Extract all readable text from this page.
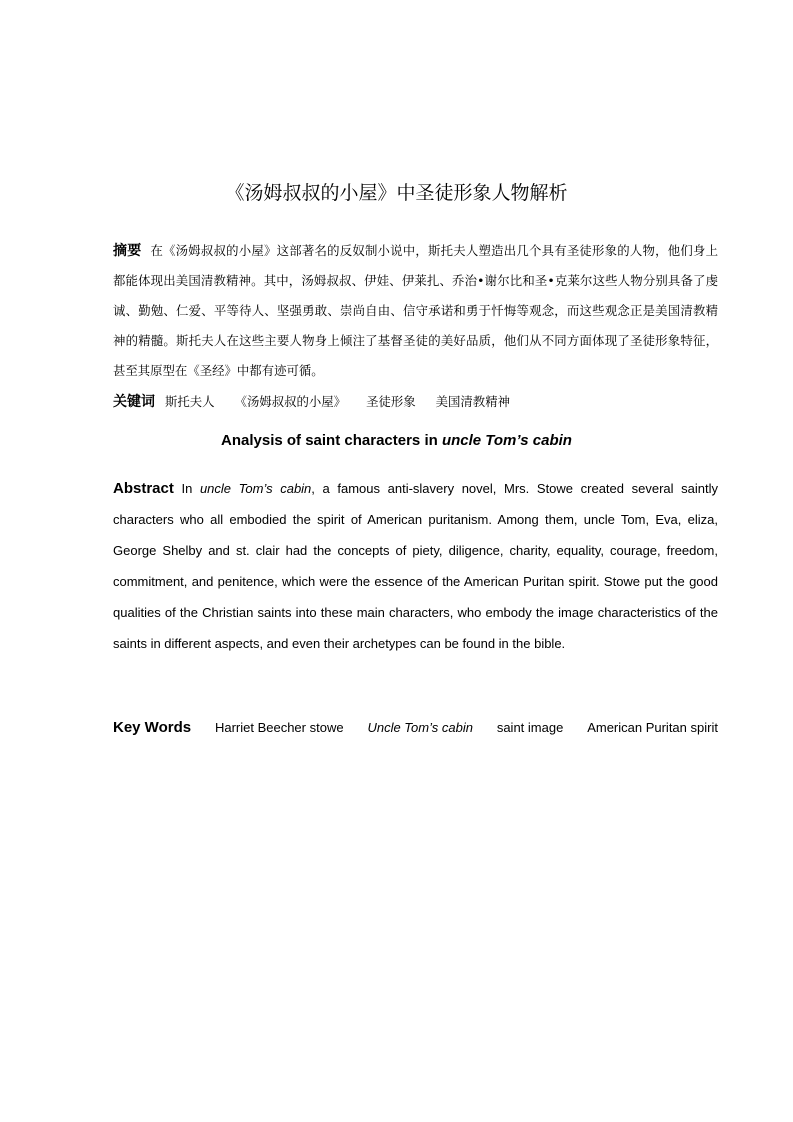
《汤姆叔叔的小屋》中圣徒形象人物解析
摘要 在《汤姆叔叔的小屋》这部著名的反奴制小说中，斯托夫人塑造出几个具有圣徒形象的人物，他们身上都能体现出美国清教精神。其中，汤姆叔叔、伊娃、伊莱扎、乔治•谢尔比和圣•克莱尔这些人物分别具备了虔诚、勤勉、仁爱、平等待人、坚强勇敢、崇尚自由、信守承诺和勇于忏悔等观念，而这些观念正是美国清教精神的精髓。斯托夫人在这些主要人物身上倾注了基督圣徒的美好品质，他们从不同方面体现了圣徒形象特征，甚至其原型在《圣经》中都有迹可循。
关键词 斯托夫人 《汤姆叔叔的小屋》 圣徒形象 美国清教精神
Analysis of saint characters in uncle Tom’s cabin
Abstract In uncle Tom’s cabin, a famous anti-slavery novel, Mrs. Stowe created several saintly characters who all embodied the spirit of American puritanism. Among them, uncle Tom, Eva, eliza, George Shelby and st. clair had the concepts of piety, diligence, charity, equality, courage, freedom, commitment, and penitence, which were the essence of the American Puritan spirit. Stowe put the good qualities of the Christian saints into these main characters, who embody the image characteristics of the saints in different aspects, and even their archetypes can be found in the bible.
Key Words Harriet Beecher stowe Uncle Tom’s cabin saint image American Puritan spirit
